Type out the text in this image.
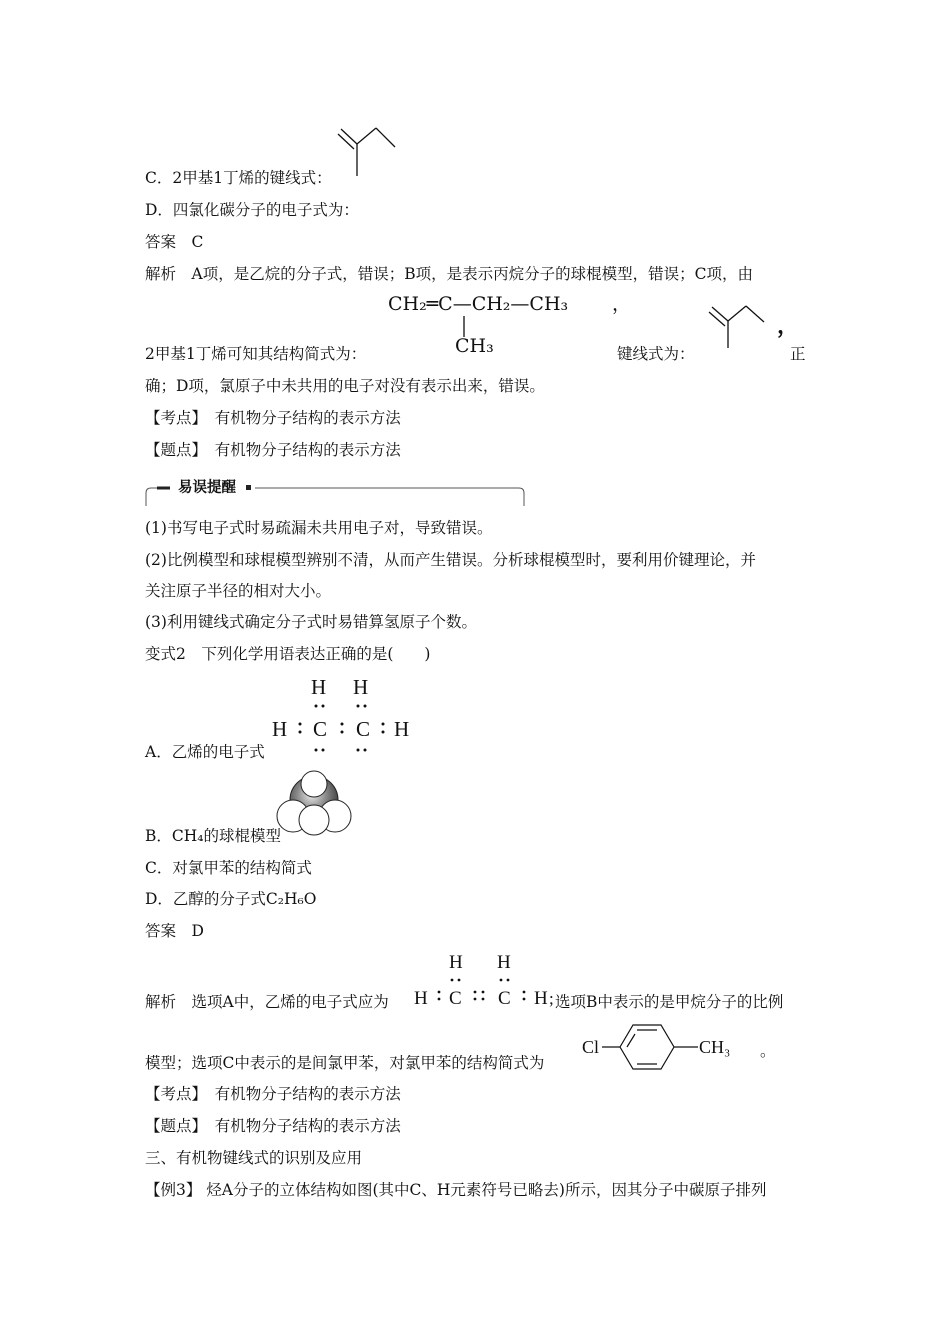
C．2甲基1丁烯的键线式：
D．四氯化碳分子的电子式为：
答案　C
解析　A项，是乙烷的分子式，错误；B项，是表示丙烷分子的球棍模型，错误；C项，由
CH₂═C—CH₂—CH₃ ，
CH₃
2甲基1丁烯可知其结构简式为：	键线式为：
，
正
确；D项，氯原子中未共用的电子对没有表示出来，错误。
【考点】　有机物分子结构的表示方法
【题点】　有机物分子结构的表示方法
易误提醒
(1)书写电子式时易疏漏未共用电子对，导致错误。
(2)比例模型和球棍模型辨别不清，从而产生错误。分析球棍模型时，要利用价键理论，并
关注原子半径的相对大小。
(3)利用键线式确定分子式时易错算氢原子个数。
变式2　下列化学用语表达正确的是(　　)
H H
H C C H
A．乙烯的电子式
B．CH₄的球棍模型
C．对氯甲苯的结构简式
D．乙醇的分子式C₂H₆O
答案　D
H H
H C C H ;
解析　选项A中，乙烯的电子式应为	选项B中表示的是甲烷分子的比例
模型；选项C中表示的是间氯甲苯，对氯甲苯的结构简式为
Cl	CH₃ 。
【考点】　有机物分子结构的表示方法
【题点】　有机物分子结构的表示方法
三、有机物键线式的识别及应用
【例3】 烃A分子的立体结构如图(其中C、H元素符号已略去)所示，因其分子中碳原子排列
